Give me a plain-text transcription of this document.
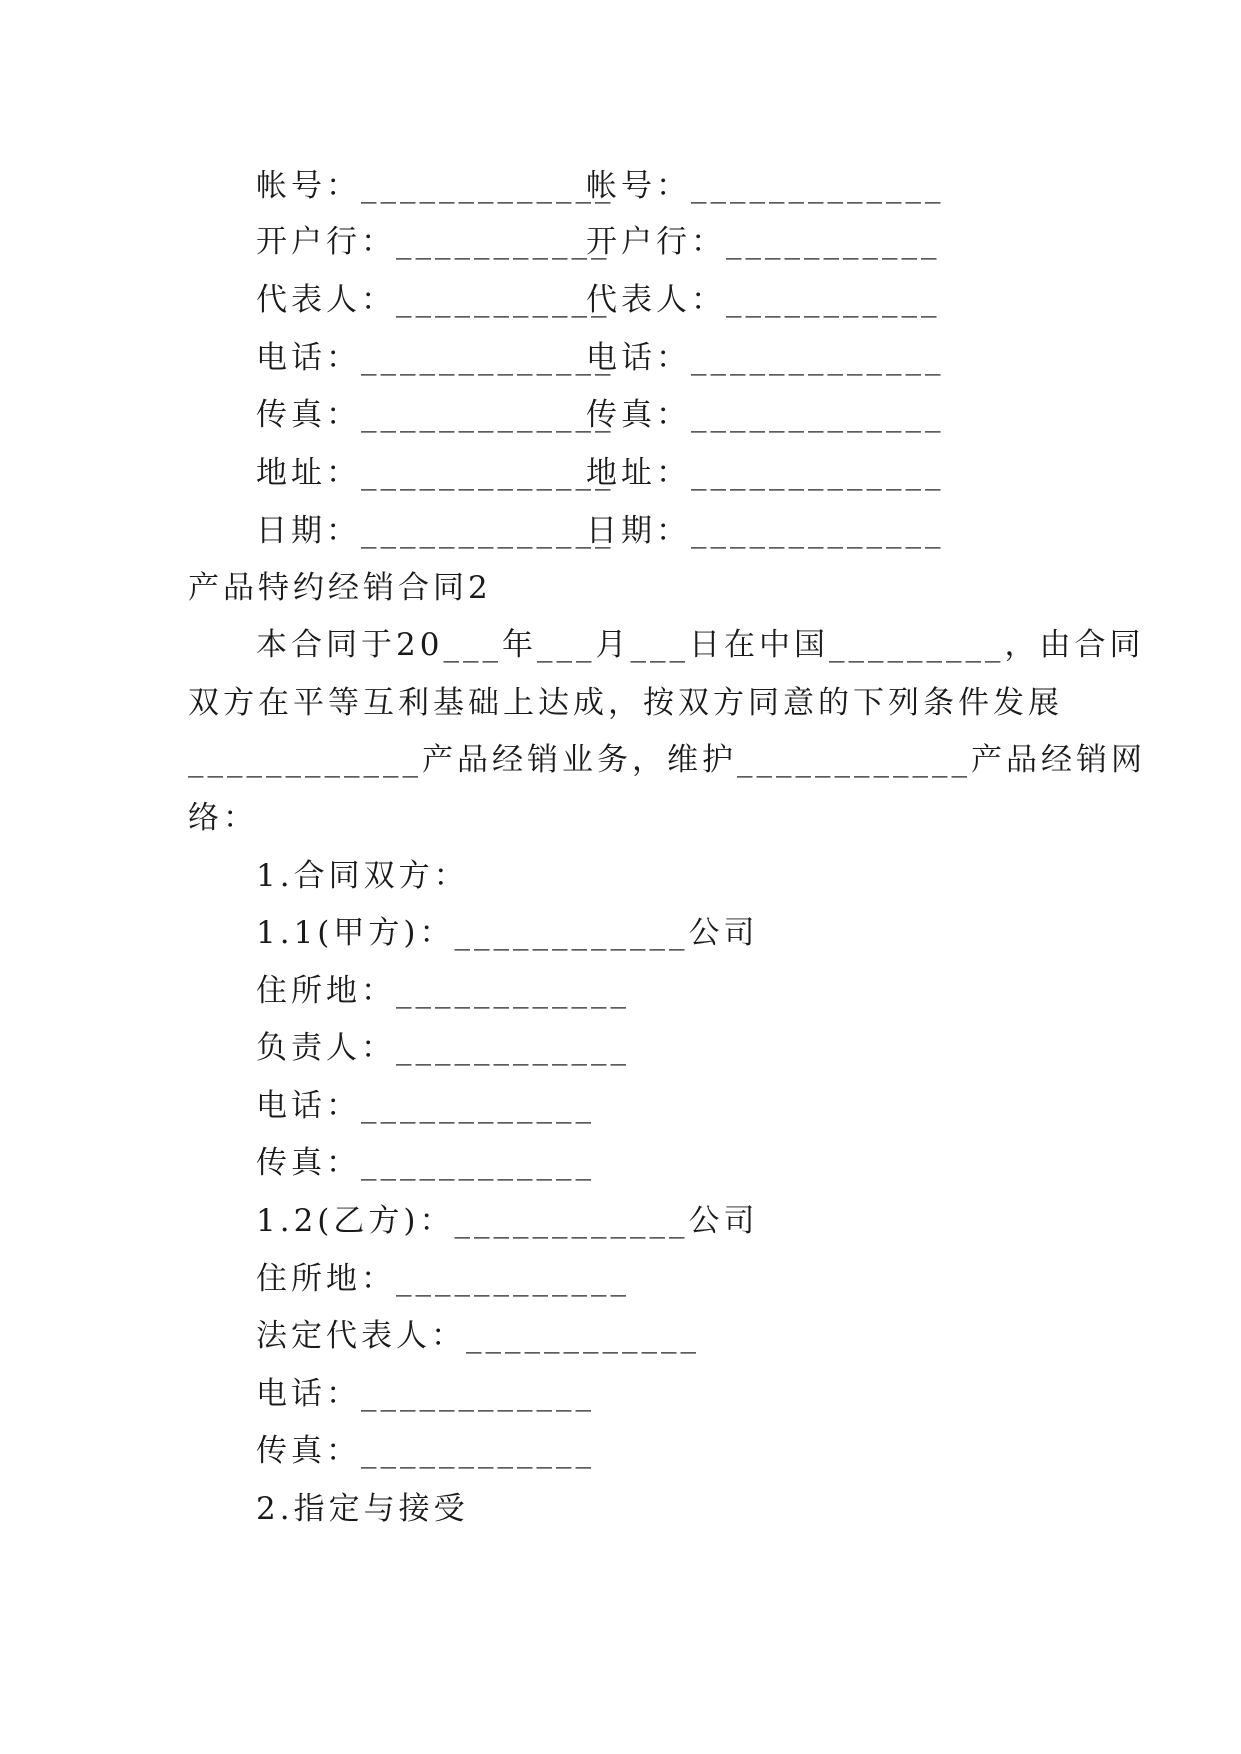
帐号：_____________
帐号：_____________
开户行：___________
开户行：___________
代表人：___________
代表人：___________
电话：_____________
电话：_____________
传真：_____________
传真：_____________
地址：_____________
地址：_____________
日期：_____________
日期：_____________
产品特约经销合同2
本合同于20___年___月___日在中国_________，由合同
双方在平等互利基础上达成，按双方同意的下列条件发展
____________产品经销业务，维护____________产品经销网
络：
1.合同双方：
1.1(甲方)：____________公司
住所地：____________
负责人：____________
电话：____________
传真：____________
1.2(乙方)：____________公司
住所地：____________
法定代表人：____________
电话：____________
传真：____________
2.指定与接受
